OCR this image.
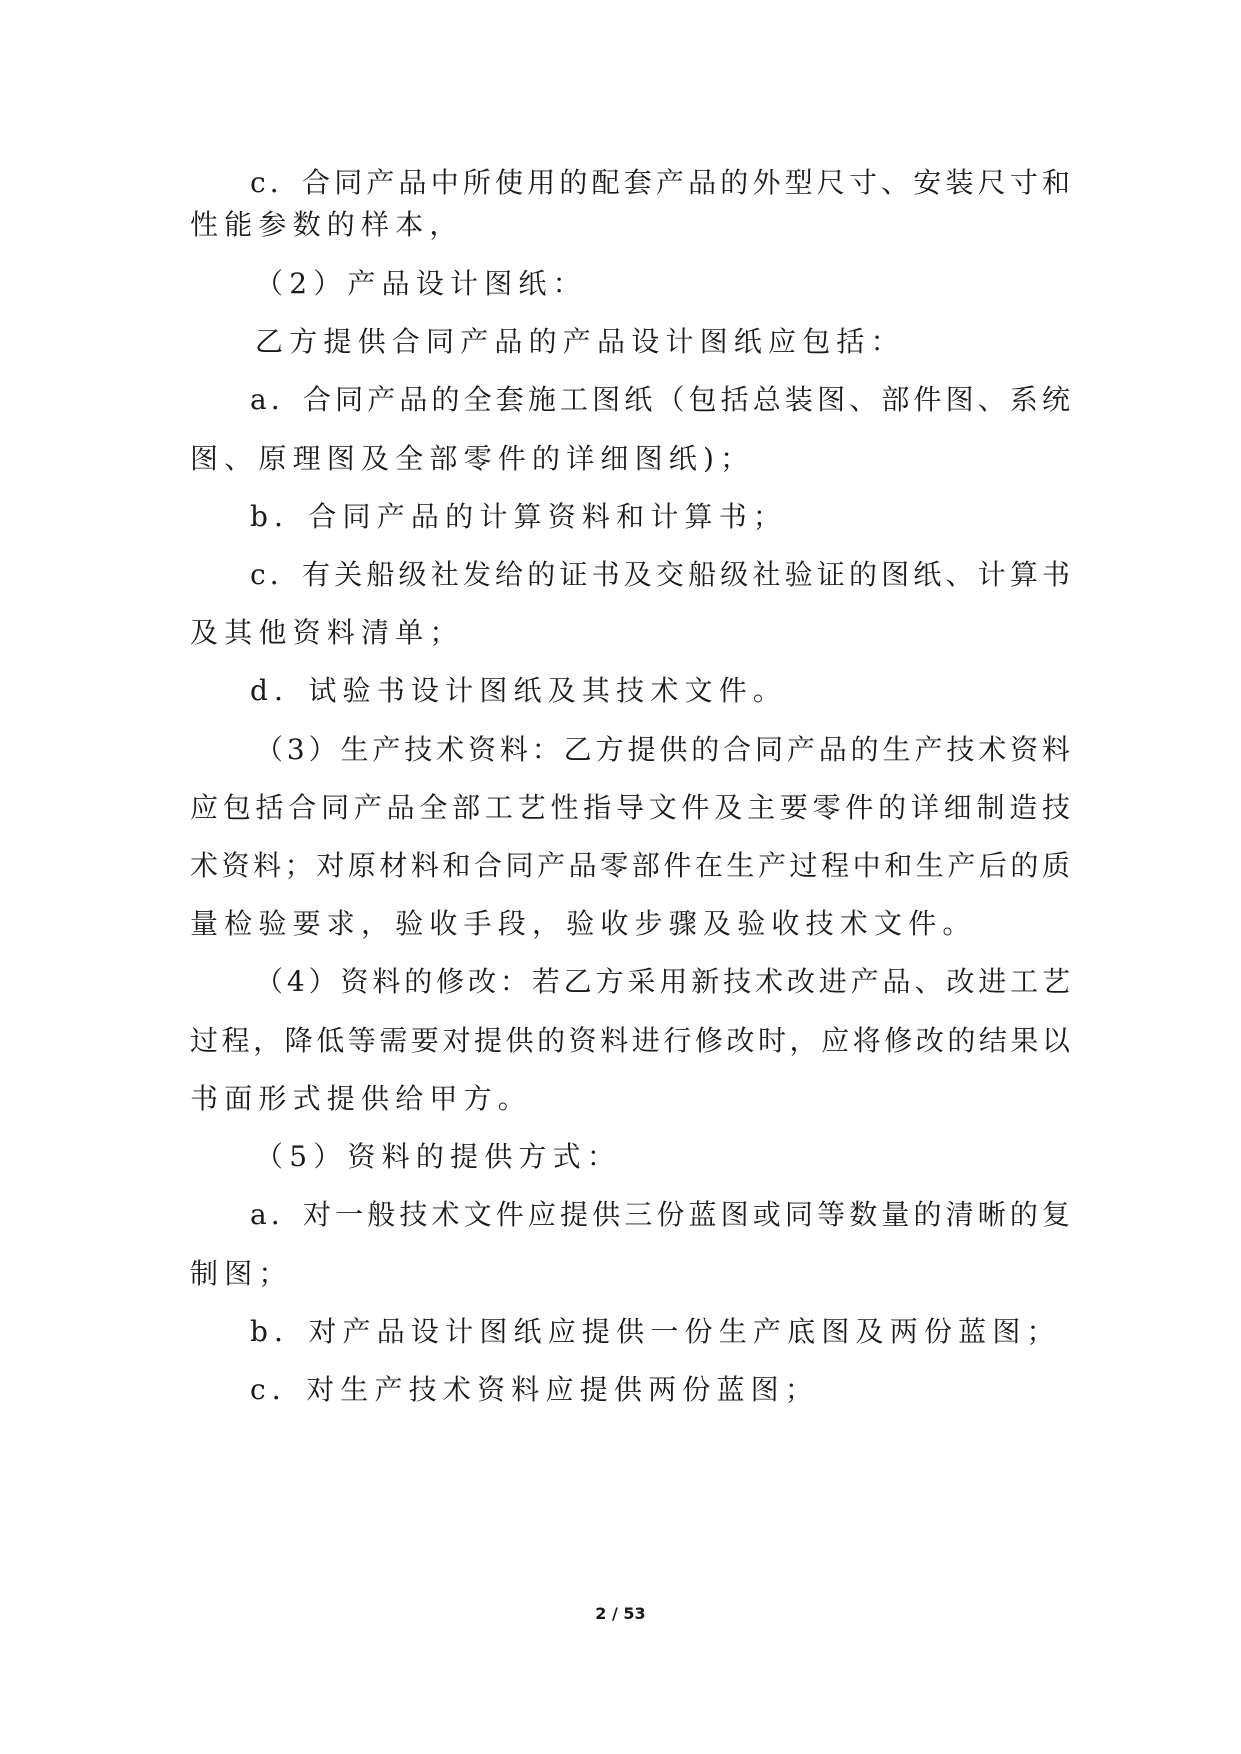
c．合同产品中所使用的配套产品的外型尺寸、安装尺寸和
性能参数的样本，
（2）产品设计图纸：
乙方提供合同产品的产品设计图纸应包括：
a．合同产品的全套施工图纸（包括总装图、部件图、系统
图、原理图及全部零件的详细图纸)；
b．合同产品的计算资料和计算书；
c．有关船级社发给的证书及交船级社验证的图纸、计算书
及其他资料清单；
d．试验书设计图纸及其技术文件。
（3）生产技术资料：乙方提供的合同产品的生产技术资料
应包括合同产品全部工艺性指导文件及主要零件的详细制造技
术资料；对原材料和合同产品零部件在生产过程中和生产后的质
量检验要求，验收手段，验收步骤及验收技术文件。
（4）资料的修改：若乙方采用新技术改进产品、改进工艺
过程，降低等需要对提供的资料进行修改时，应将修改的结果以
书面形式提供给甲方。
（5）资料的提供方式：
a．对一般技术文件应提供三份蓝图或同等数量的清晰的复
制图；
b．对产品设计图纸应提供一份生产底图及两份蓝图；
c．对生产技术资料应提供两份蓝图；
2 / 53
